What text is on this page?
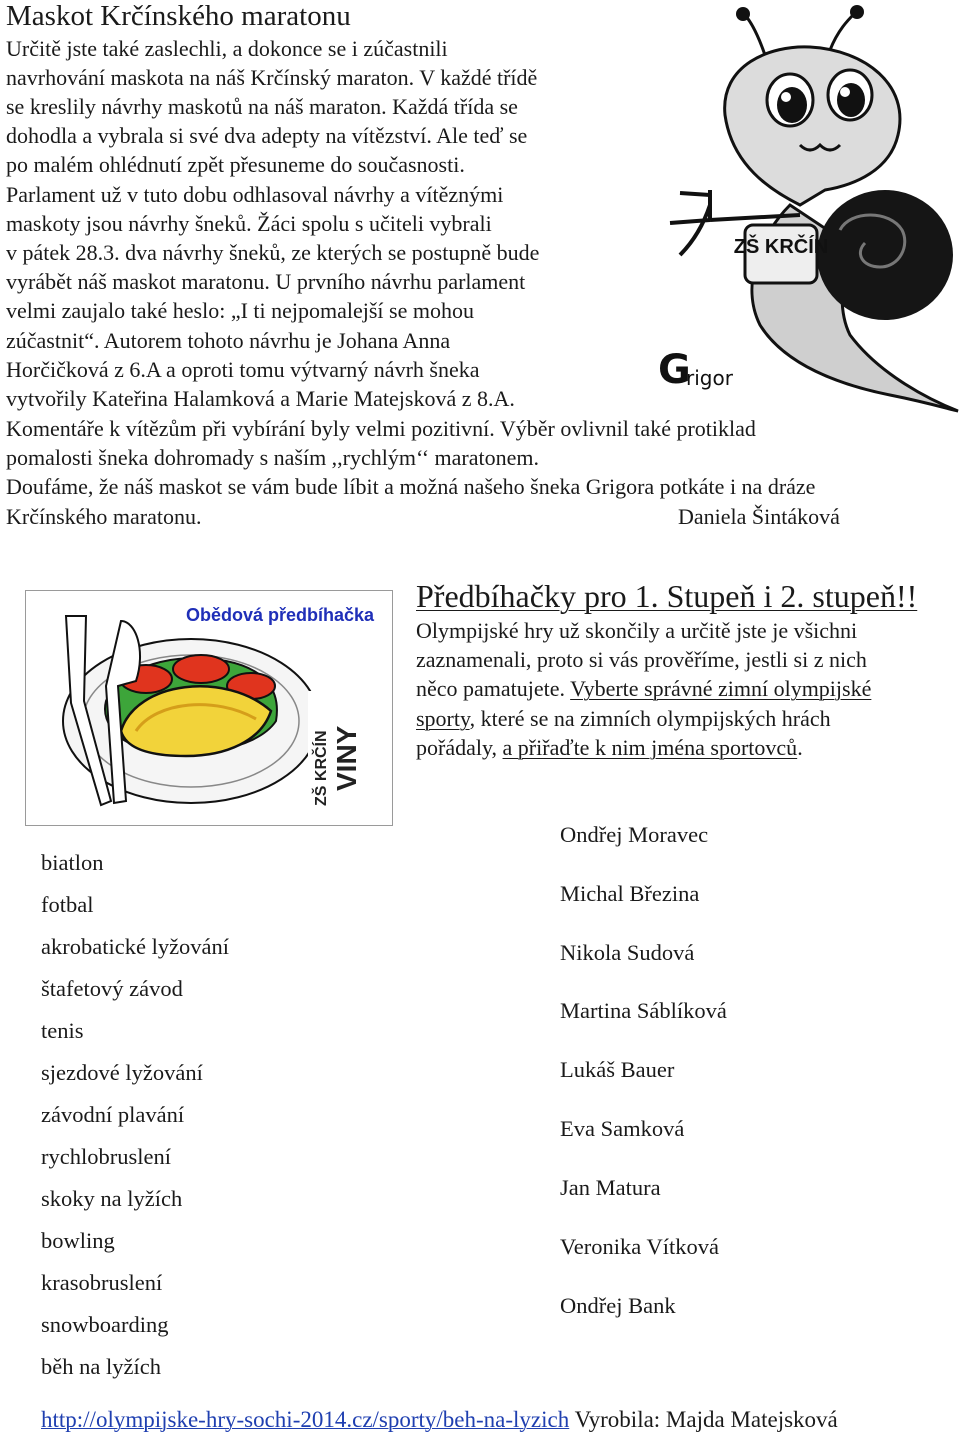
Maskot Krčínského maratonu
Určitě jste také zaslechli, a dokonce se i zúčastnili
navrhování maskota na náš Krčínský maraton. V každé třídě
se kreslily návrhy maskotů na náš maraton. Každá třída se
dohodla a vybrala si své dva adepty na vítězství. Ale teď se
po malém ohlédnutí zpět přesuneme do současnosti.
Parlament už v tuto dobu odhlasoval návrhy a vítěznými
maskoty jsou návrhy šneků. Žáci spolu s učiteli vybrali
v pátek 28.3. dva návrhy šneků, ze kterých se postupně bude
vyrábět náš maskot maratonu. U prvního návrhu parlament
velmi zaujalo také heslo: „I ti nejpomalejší se mohou
zúčastnit“. Autorem tohoto návrhu je Johana Anna
Horčičková z 6.A a oproti tomu výtvarný návrh šneka
vytvořily Kateřina Halamková a Marie Matejsková z 8.A.
Komentáře k vítězům při vybírání byly velmi pozitivní. Výběr ovlivnil také protiklad
pomalosti šneka dohromady s naším ,,rychlým‘‘ maratonem.
Doufáme, že náš maskot se vám bude líbit a možná našeho šneka Grigora potkáte i na dráze
Krčínského maratonu.	Daniela Šintáková
ZŠ KRČÍN
G
rigor
Obědová předbíhačka
VINY
ZŠ KRČÍN
Předbíhačky pro 1. Stupeň i 2. stupeň!!
Olympijské hry už skončily a určitě jste je všichni
zaznamenali, proto si vás prověříme, jestli si z nich
něco pamatujete. Vyberte správné zimní olympijské
sporty, které se na zimních olympijských hrách
pořádaly, a přiřaďte k nim jména sportovců.
biatlon
fotbal
akrobatické lyžování
štafetový závod
tenis
sjezdové lyžování
závodní plavání
rychlobruslení
skoky na lyžích
bowling
krasobruslení
snowboarding
běh na lyžích
Ondřej Moravec
Michal Březina
Nikola Sudová
Martina Sáblíková
Lukáš Bauer
Eva Samková
Jan Matura
Veronika Vítková
Ondřej Bank
http://olympijske-hry-sochi-2014.cz/sporty/beh-na-lyzich Vyrobila: Majda Matejsková
